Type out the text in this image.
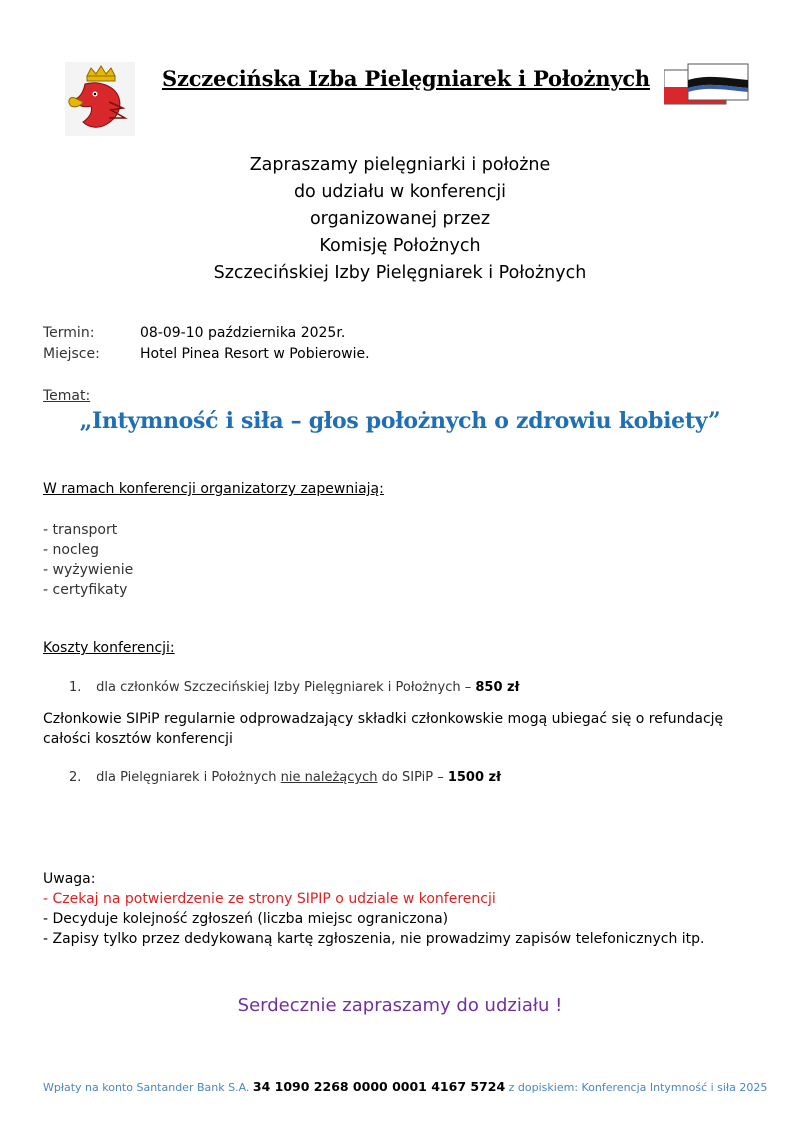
Szczecińska Izba Pielęgniarek i Położnych
Zapraszamy pielęgniarki i położne
do udziału w konferencji
organizowanej przez
Komisję Położnych
Szczecińskiej Izby Pielęgniarek i Położnych
Termin:	08-09-10 października 2025r.
Miejsce:	Hotel Pinea Resort w Pobierowie.
Temat:
„Intymność i siła – głos położnych o zdrowiu kobiety”
W ramach konferencji organizatorzy zapewniają:
- transport
- nocleg
- wyżywienie
- certyfikaty
Koszty konferencji:
1. dla członków Szczecińskiej Izby Pielęgniarek i Położnych – 850 zł
Członkowie SIPiP regularnie odprowadzający składki członkowskie mogą ubiegać się o refundację całości kosztów konferencji
2. dla Pielęgniarek i Położnych nie należących do SIPiP – 1500 zł
Uwaga:
- Czekaj na potwierdzenie ze strony SIPIP o udziale w konferencji
- Decyduje kolejność zgłoszeń (liczba miejsc ograniczona)
- Zapisy tylko przez dedykowaną kartę zgłoszenia, nie prowadzimy zapisów telefonicznych itp.
Serdecznie zapraszamy do udziału !
Wpłaty na konto Santander Bank S.A. 34 1090 2268 0000 0001 4167 5724 z dopiskiem: Konferencja Intymność i siła 2025
